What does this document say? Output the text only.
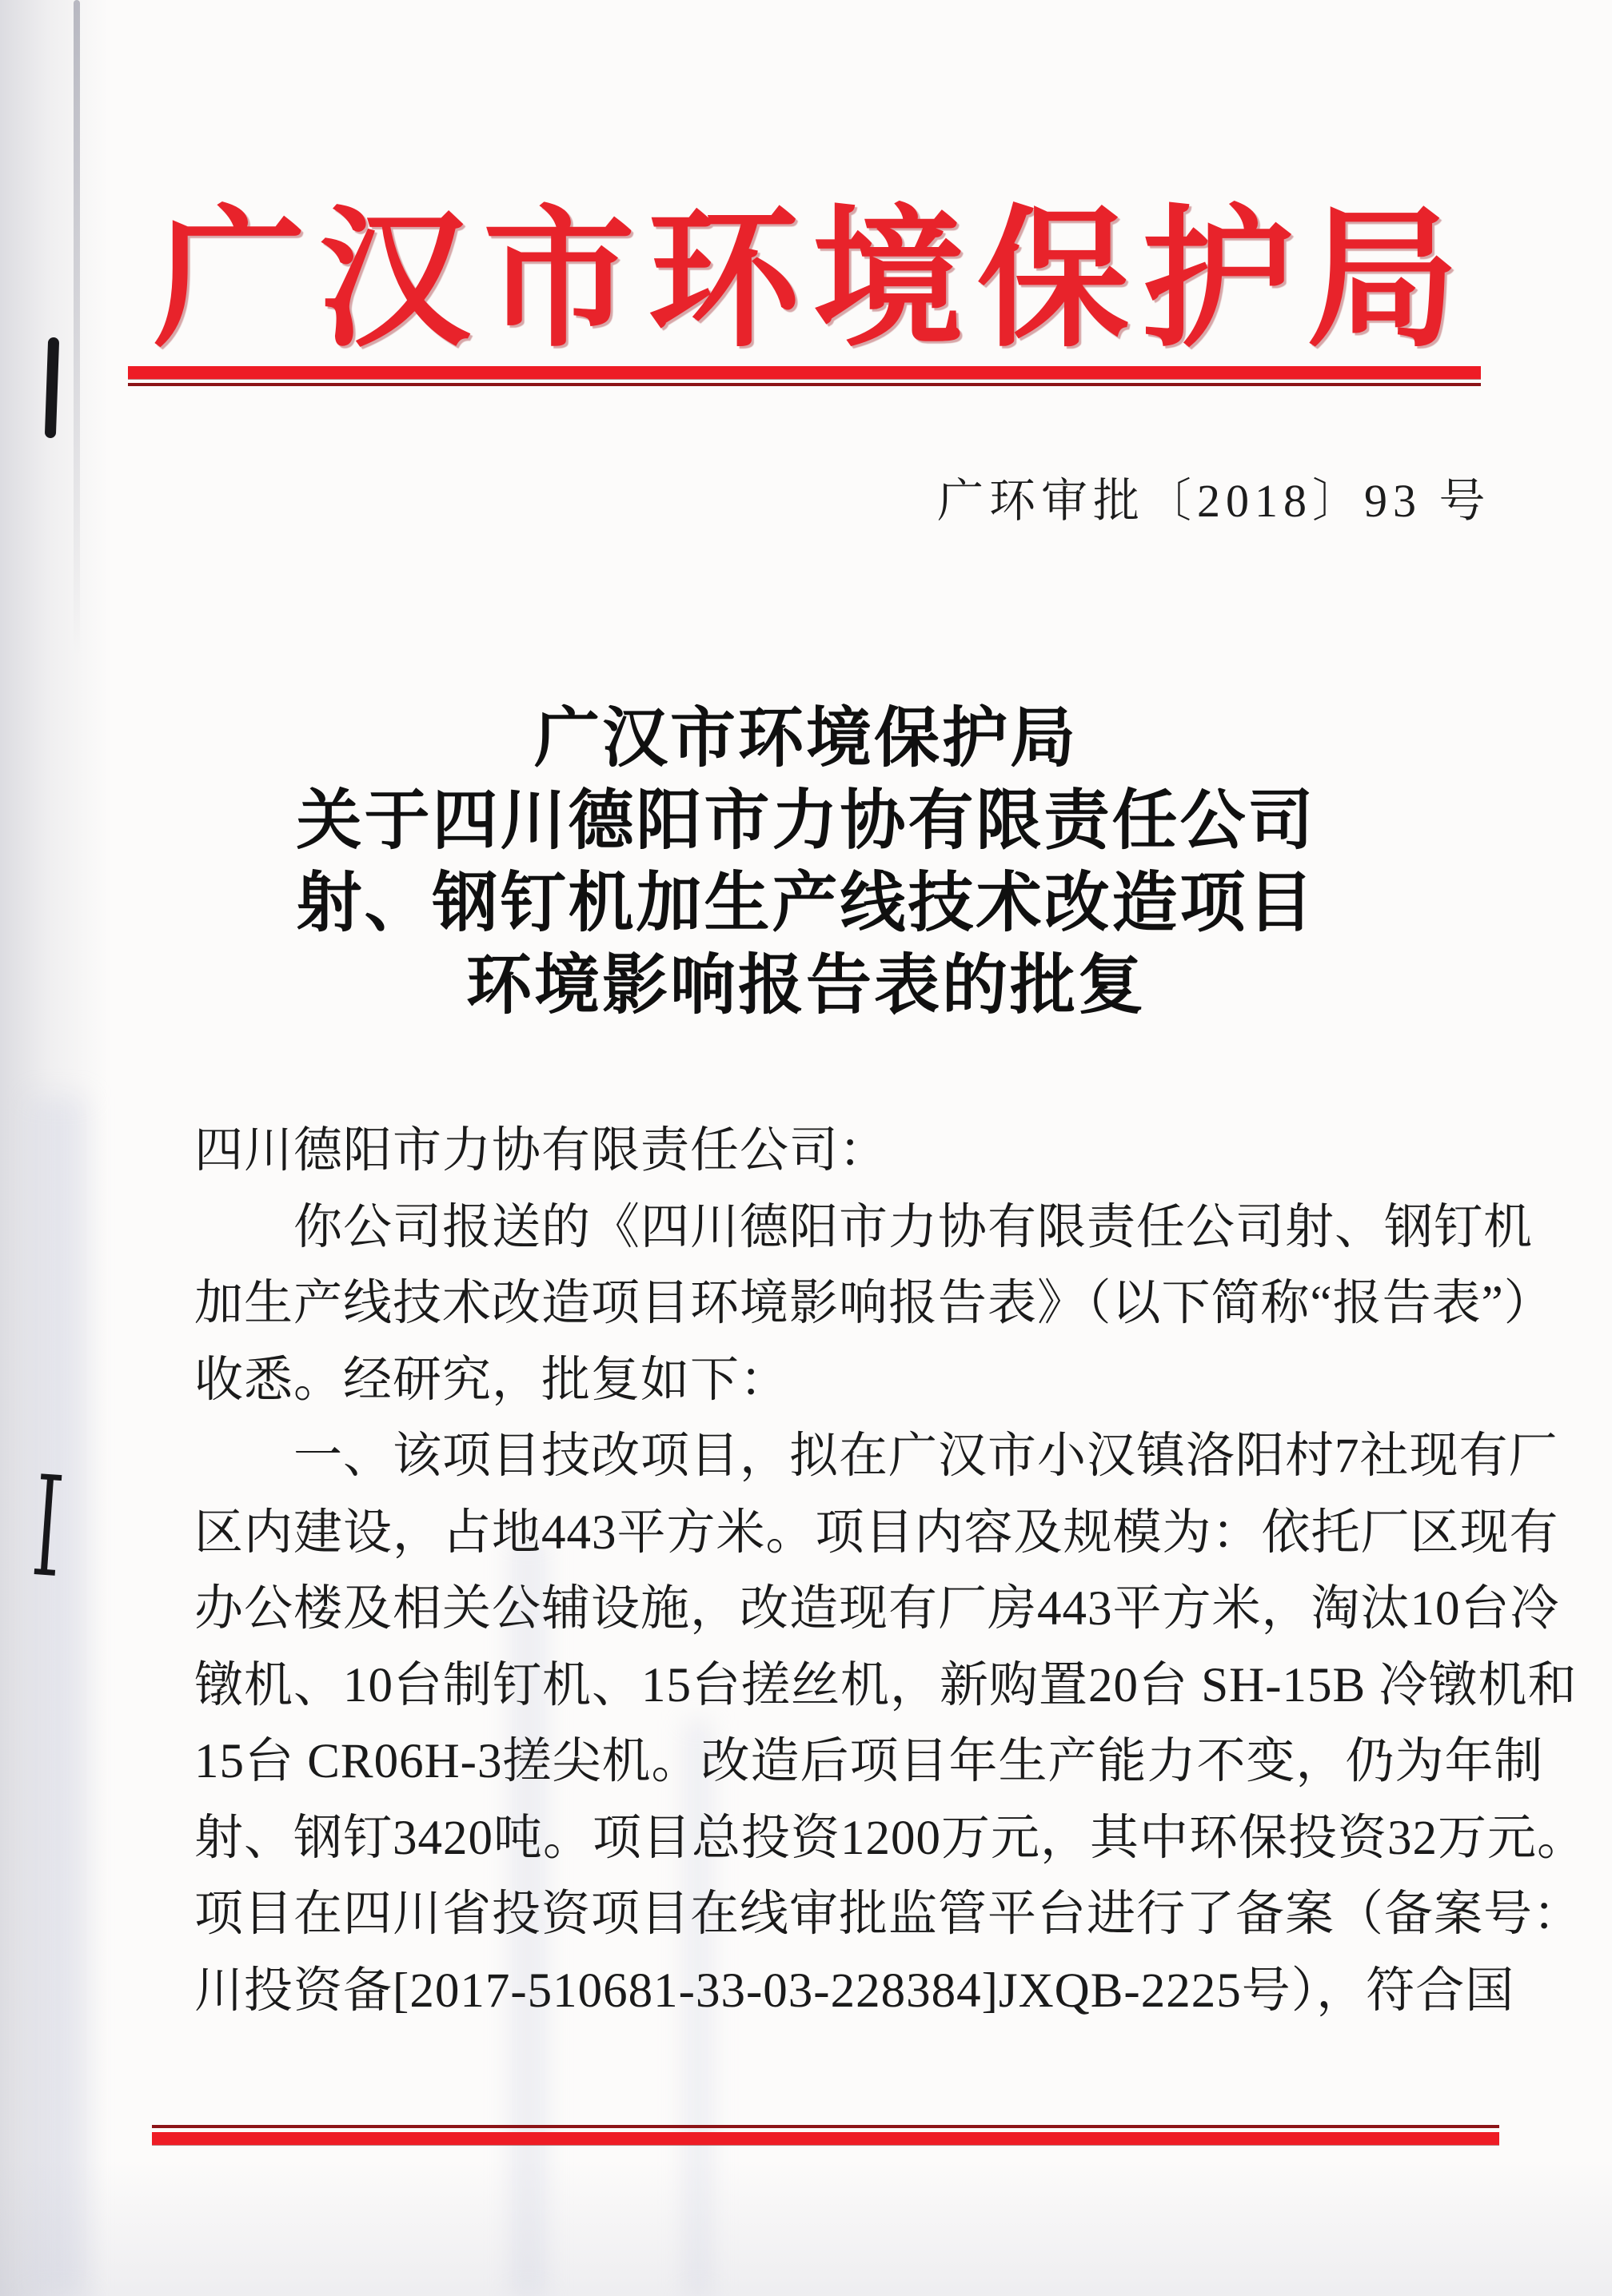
广汉市环境保护局
广环审批〔2018〕93 号
广汉市环境保护局
关于四川德阳市力协有限责任公司
射、钢钉机加生产线技术改造项目
环境影响报告表的批复
四川德阳市力协有限责任公司：
你公司报送的《四川德阳市力协有限责任公司射、钢钉机
加生产线技术改造项目环境影响报告表》（以下简称“报告表”）
收悉。经研究，批复如下：
一、该项目技改项目，拟在广汉市小汉镇洛阳村7社现有厂
区内建设，占地443平方米。项目内容及规模为：依托厂区现有
办公楼及相关公辅设施，改造现有厂房443平方米，淘汰10台冷
镦机、10台制钉机、15台搓丝机，新购置20台 SH-15B 冷镦机和
15台 CR06H-3搓尖机。改造后项目年生产能力不变，仍为年制
射、钢钉3420吨。项目总投资1200万元，其中环保投资32万元。
项目在四川省投资项目在线审批监管平台进行了备案（备案号：
川投资备[2017-510681-33-03-228384]JXQB-2225号），符合国
